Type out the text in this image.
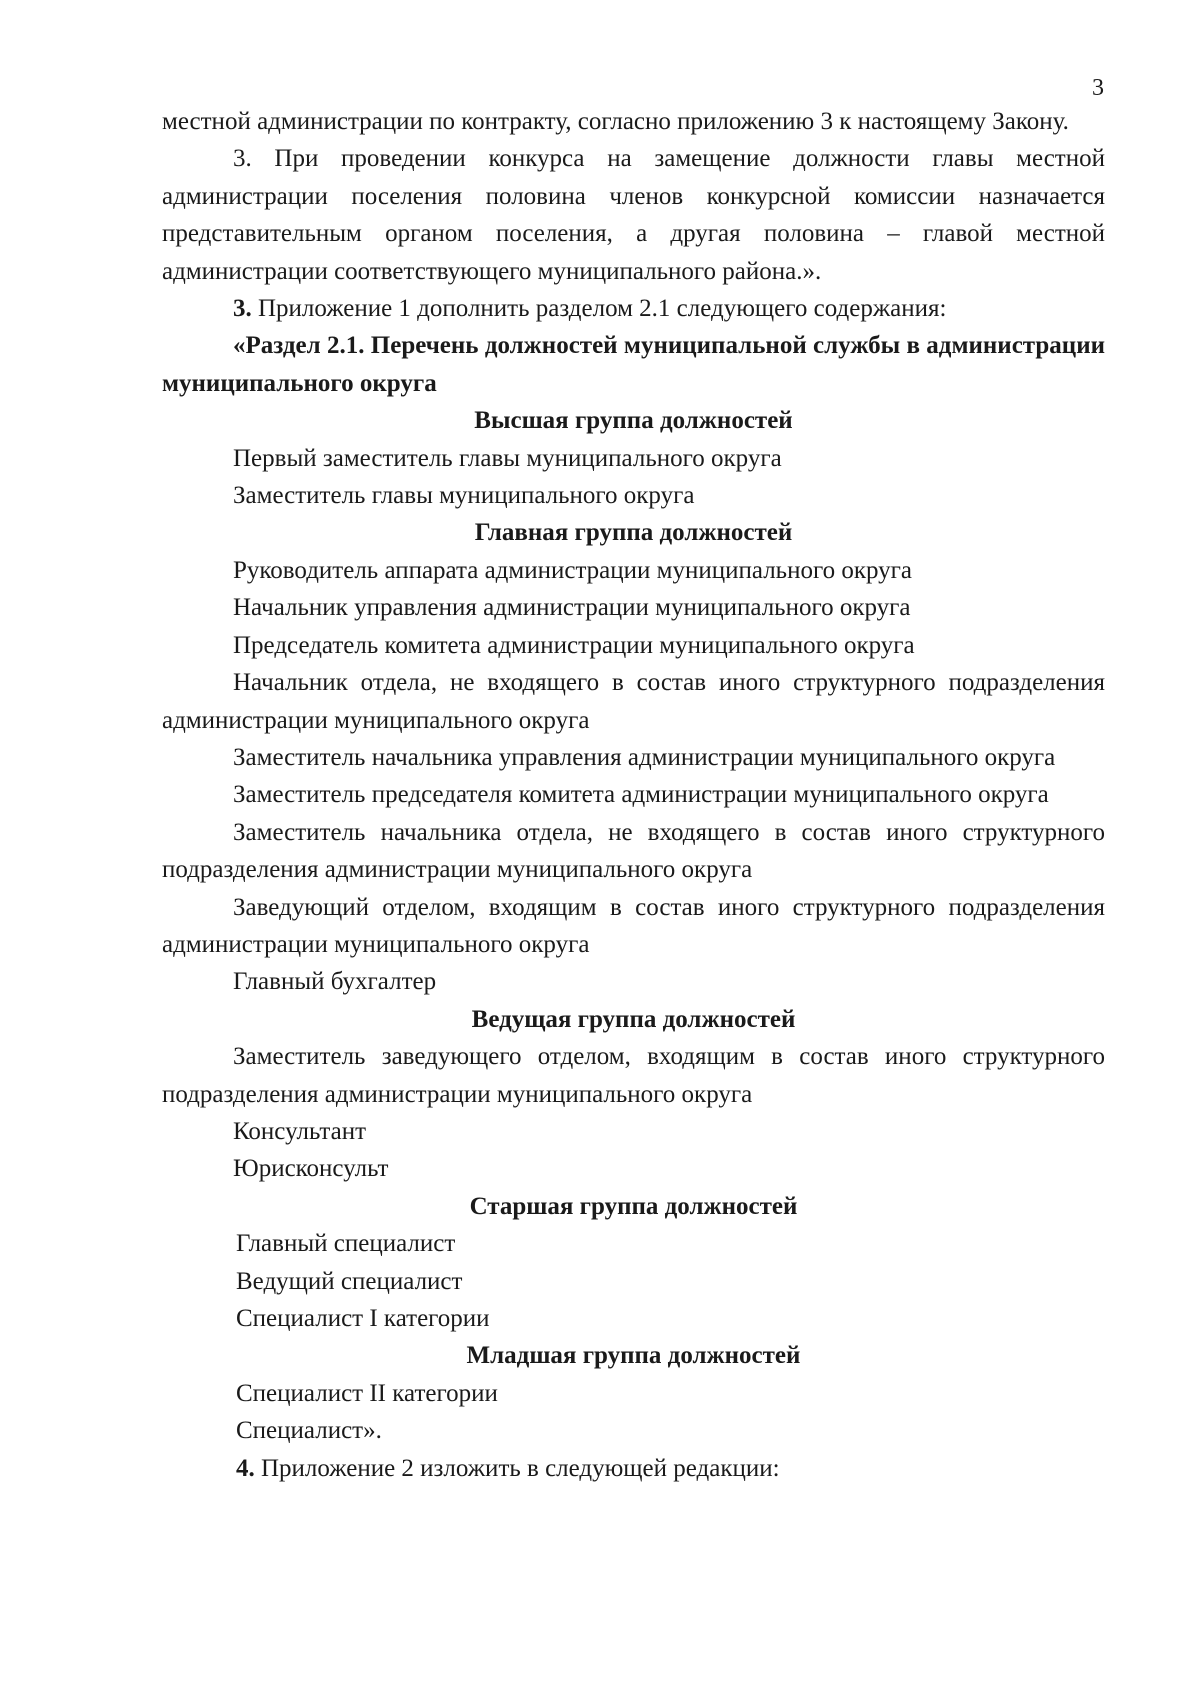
3

местной администрации по контракту, согласно приложению 3 к настоящему Закону.

3. При проведении конкурса на замещение должности главы местной администрации поселения половина членов конкурсной комиссии назначается представительным органом поселения, а другая половина – главой местной администрации соответствующего муниципального района.».

3. Приложение 1 дополнить разделом 2.1 следующего содержания:

«Раздел 2.1. Перечень должностей муниципальной службы в администрации муниципального округа

Высшая группа должностей

Первый заместитель главы муниципального округа

Заместитель главы муниципального округа

Главная группа должностей

Руководитель аппарата администрации муниципального округа

Начальник управления администрации муниципального округа

Председатель комитета администрации муниципального округа

Начальник отдела, не входящего в состав иного структурного подразделения администрации муниципального округа

Заместитель начальника управления администрации муниципального округа

Заместитель председателя комитета администрации муниципального округа

Заместитель начальника отдела, не входящего в состав иного структурного подразделения администрации муниципального округа

Заведующий отделом, входящим в состав иного структурного подразделения администрации муниципального округа

Главный бухгалтер

Ведущая группа должностей

Заместитель заведующего отделом, входящим в состав иного структурного подразделения администрации муниципального округа

Консультант

Юрисконсульт

Старшая группа должностей

Главный специалист

Ведущий специалист

Специалист I категории

Младшая группа должностей

Специалист II категории

Специалист».

4. Приложение 2 изложить в следующей редакции:
